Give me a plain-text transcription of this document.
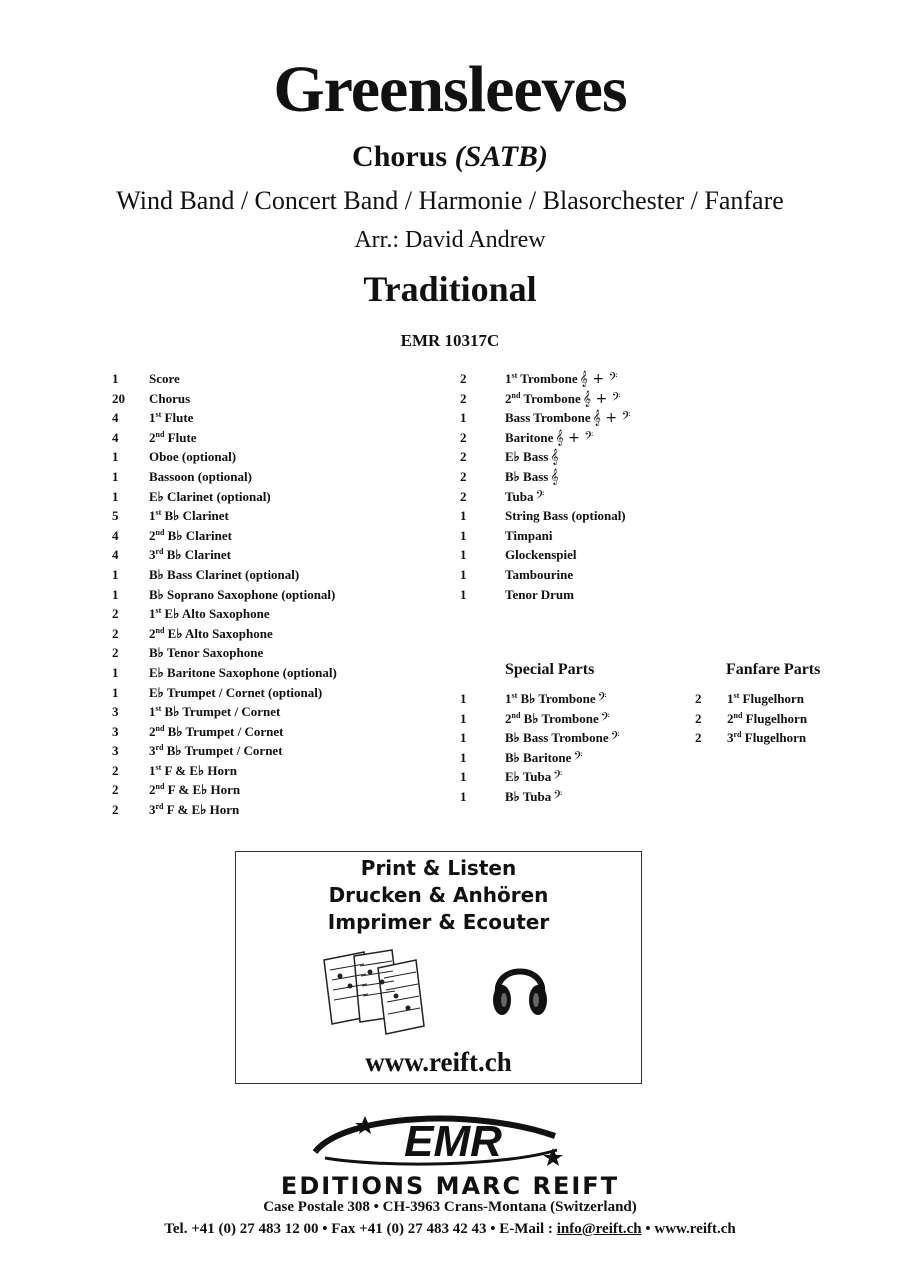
Greensleeves
Chorus (SATB)
Wind Band / Concert Band / Harmonie / Blasorchester / Fanfare
Arr.: David Andrew
Traditional
EMR 10317C
1 Score
20 Chorus
4 1st Flute
4 2nd Flute
1 Oboe (optional)
1 Bassoon (optional)
1 E♭ Clarinet (optional)
5 1st B♭ Clarinet
4 2nd B♭ Clarinet
4 3rd B♭ Clarinet
1 B♭ Bass Clarinet (optional)
1 B♭ Soprano Saxophone (optional)
2 1st E♭ Alto Saxophone
2 2nd E♭ Alto Saxophone
2 B♭ Tenor Saxophone
1 E♭ Baritone Saxophone (optional)
1 E♭ Trumpet / Cornet (optional)
3 1st B♭ Trumpet / Cornet
3 2nd B♭ Trumpet / Cornet
3 3rd B♭ Trumpet / Cornet
2 1st F & E♭ Horn
2 2nd F & E♭ Horn
2 3rd F & E♭ Horn
2	1st Trombone 𝄞 + 𝄢
2	2nd Trombone 𝄞 + 𝄢
1	Bass Trombone 𝄞 + 𝄢
2	Baritone 𝄞 + 𝄢
2	E♭ Bass 𝄞
2	B♭ Bass 𝄞
2	Tuba 𝄢
1	String Bass (optional)
1	Timpani
1	Glockenspiel
1	Tambourine
1	Tenor Drum
Special Parts
1	1st B♭ Trombone 𝄢
1	2nd B♭ Trombone 𝄢
1	B♭ Bass Trombone 𝄢
1	B♭ Baritone 𝄢
1	E♭ Tuba 𝄢
1	B♭ Tuba 𝄢
Fanfare Parts
2 1st Flugelhorn
2 2nd Flugelhorn
2 3rd Flugelhorn
Print & Listen
Drucken & Anhören
Imprimer & Ecouter
www.reift.ch
EMR
EDITIONS MARC REIFT
Case Postale 308 • CH-3963 Crans-Montana (Switzerland)
Tel. +41 (0) 27 483 12 00 • Fax +41 (0) 27 483 42 43 • E-Mail : info@reift.ch • www.reift.ch
